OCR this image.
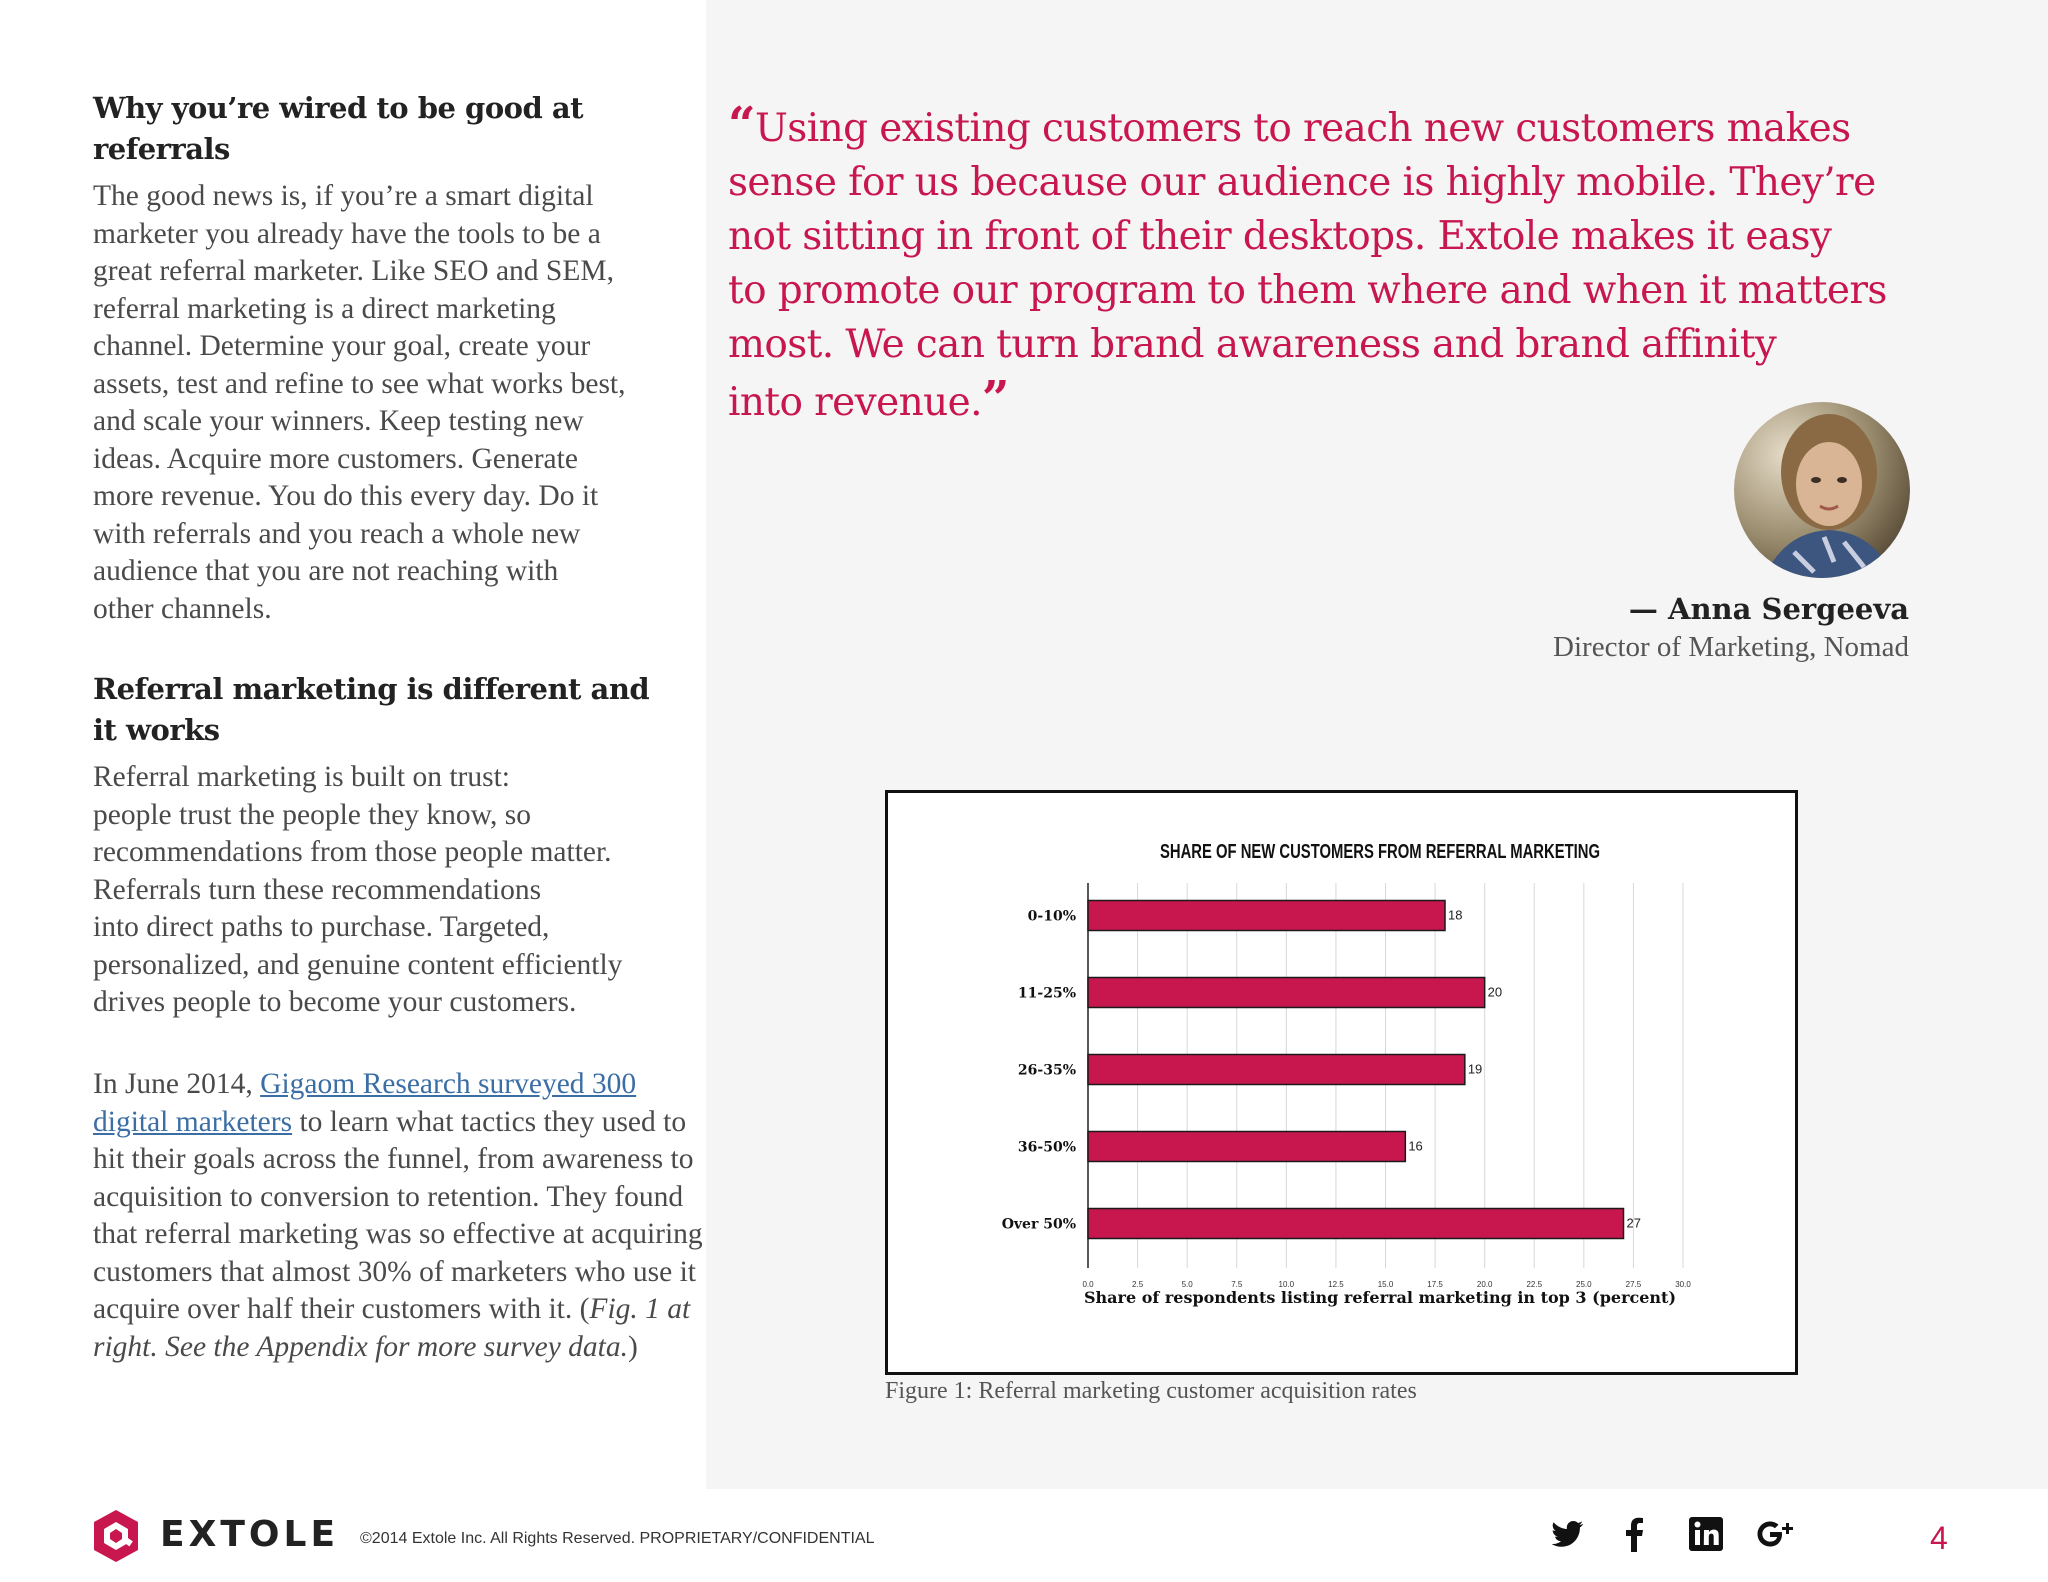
Why you’re wired to be good at referrals

The good news is, if you’re a smart digital
marketer you already have the tools to be a
great referral marketer. Like SEO and SEM,
referral marketing is a direct marketing
channel. Determine your goal, create your
assets, test and refine to see what works best,
and scale your winners. Keep testing new
ideas. Acquire more customers. Generate
more revenue. You do this every day. Do it
with referrals and you reach a whole new
audience that you are not reaching with
other channels.

Referral marketing is different and
it works

Referral marketing is built on trust:
people trust the people they know, so
recommendations from those people matter.
Referrals turn these recommendations
into direct paths to purchase. Targeted,
personalized, and genuine content efficiently
drives people to become your customers.

In June 2014, Gigaom Research surveyed 300 digital marketers to learn what tactics they used to hit their goals across the funnel, from awareness to acquisition to conversion to retention. They found that referral marketing was so effective at acquiring customers that almost 30% of marketers who use it acquire over half their customers with it. (Fig. 1 at right. See the Appendix for more survey data.)
“Using existing customers to reach new customers makes
sense for us because our audience is highly mobile. They’re
not sitting in front of their desktops. Extole makes it easy
to promote our program to them where and when it matters
most. We can turn brand awareness and brand affinity
into revenue.”
— Anna Sergeeva
Director of Marketing, Nomad
SHARE OF NEW CUSTOMERS FROM REFERRAL MARKETING
18
20
19
16
27
0-10%
11-25%
26-35%
36-50%
Over 50%
0.0	2.5	5.0	7.5	10.0	12.5	15.0	17.5	20.0	22.5	25.0	27.5	30.0
Share of respondents listing referral marketing in top 3 (percent)
Figure 1: Referral marketing customer acquisition rates
EXTOLE ©2014 Extole Inc. All Rights Reserved. PROPRIETARY/CONFIDENTIAL	4
